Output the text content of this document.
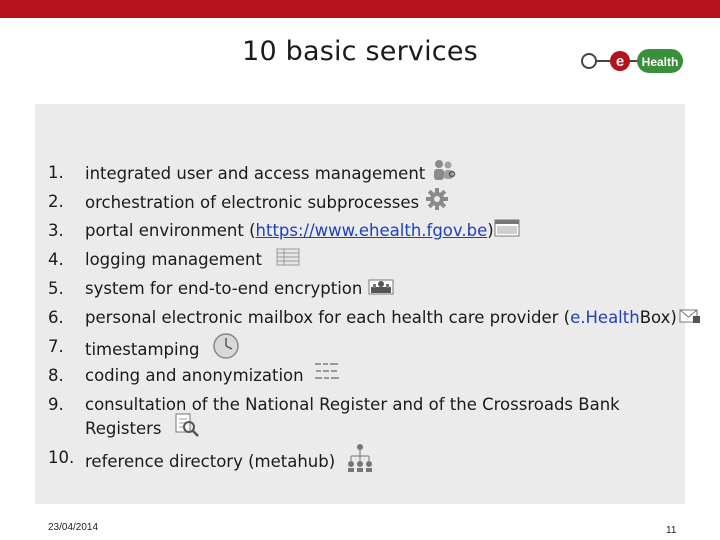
10 basic services	e Health
1. integrated user and access management
2. orchestration of electronic subprocesses
3. portal environment (https://www.ehealth.fgov.be)
4. logging management
5. system for end-to-end encryption
6. personal electronic mailbox for each health care provider (e.HealthBox)
7. timestamping
8. coding and anonymization
9. consultation of the National Register and of the Crossroads Bank
Registers
10. reference directory (metahub)
23/04/2014	11
